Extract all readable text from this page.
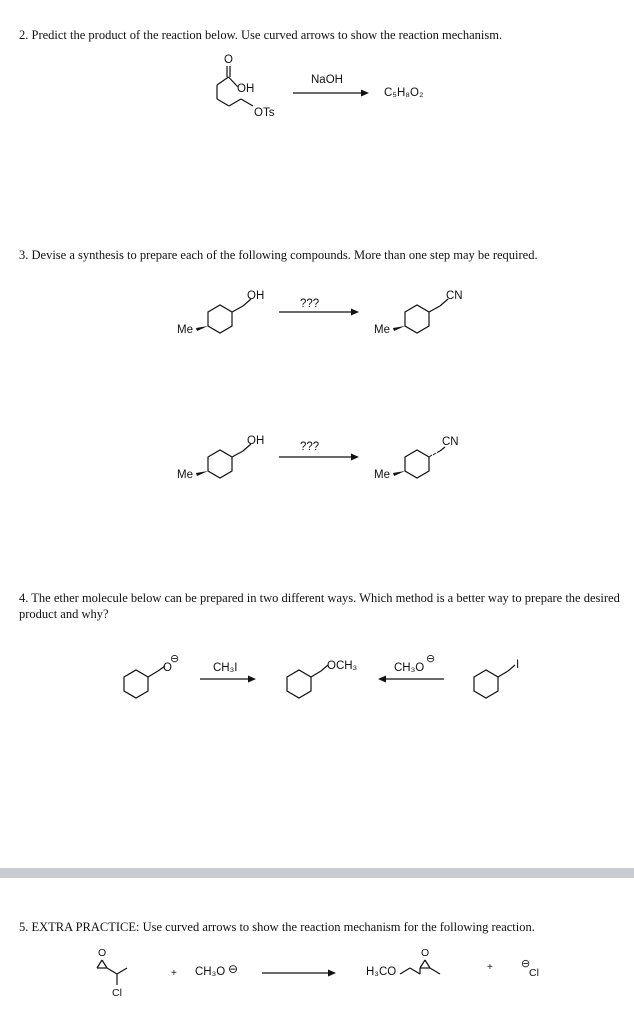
2. Predict the product of the reaction below. Use curved arrows to show the reaction mechanism.

O
OH
OTs
NaOH
C₅H₈O₂

3. Devise a synthesis to prepare each of the following compounds. More than one step may be required.

OH
Me
???
CN
Me
OH
Me
???	CN
Me

4. The ether molecule below can be prepared in two different ways. Which method is a better way to prepare the desired product and why?

O
⊖
CH₃I	OCH₃	CH₃O
⊖	I

5. EXTRA PRACTICE: Use curved arrows to show the reaction mechanism for the following reaction.

O
Cl
+ CH₃O ⊖	H₃CO
O
+	⊖
Cl
